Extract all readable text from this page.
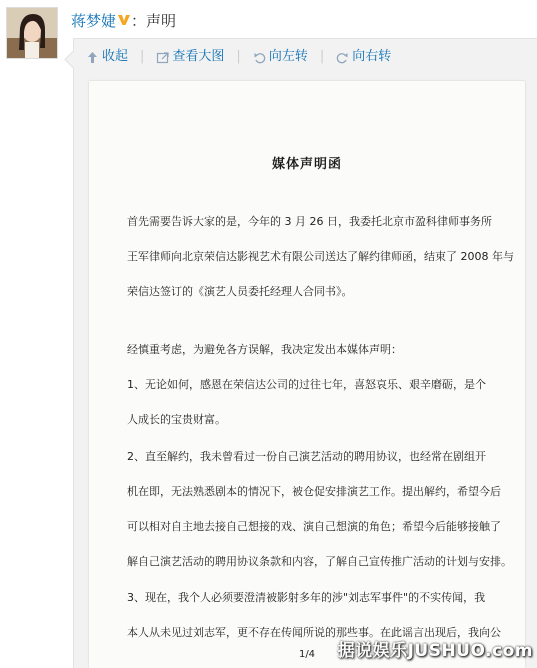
蒋梦婕 ：声明
收起 | 查看大图 | 向左转 | 向右转
媒体声明函
首先需要告诉大家的是，今年的 3 月 26 日，我委托北京市盈科律师事务所
王军律师向北京荣信达影视艺术有限公司送达了解约律师函，结束了 2008 年与
荣信达签订的《演艺人员委托经理人合同书》。
经慎重考虑，为避免各方误解，我决定发出本媒体声明：
1、无论如何，感恩在荣信达公司的过往七年，喜怒哀乐、艰辛磨砺，是个
人成长的宝贵财富。
2、直至解约，我未曾看过一份自己演艺活动的聘用协议，也经常在剧组开
机在即，无法熟悉剧本的情况下，被仓促安排演艺工作。提出解约，希望今后
可以相对自主地去接自己想接的戏、演自己想演的角色；希望今后能够接触了
解自己演艺活动的聘用协议条款和内容，了解自己宣传推广活动的计划与安排。
3、现在，我个人必须要澄清被影射多年的涉"刘志军事件"的不实传闻，我
本人从未见过刘志军，更不存在传闻所说的那些事。在此谣言出现后，我向公
1/4	据说娱乐JUSHUO.com
